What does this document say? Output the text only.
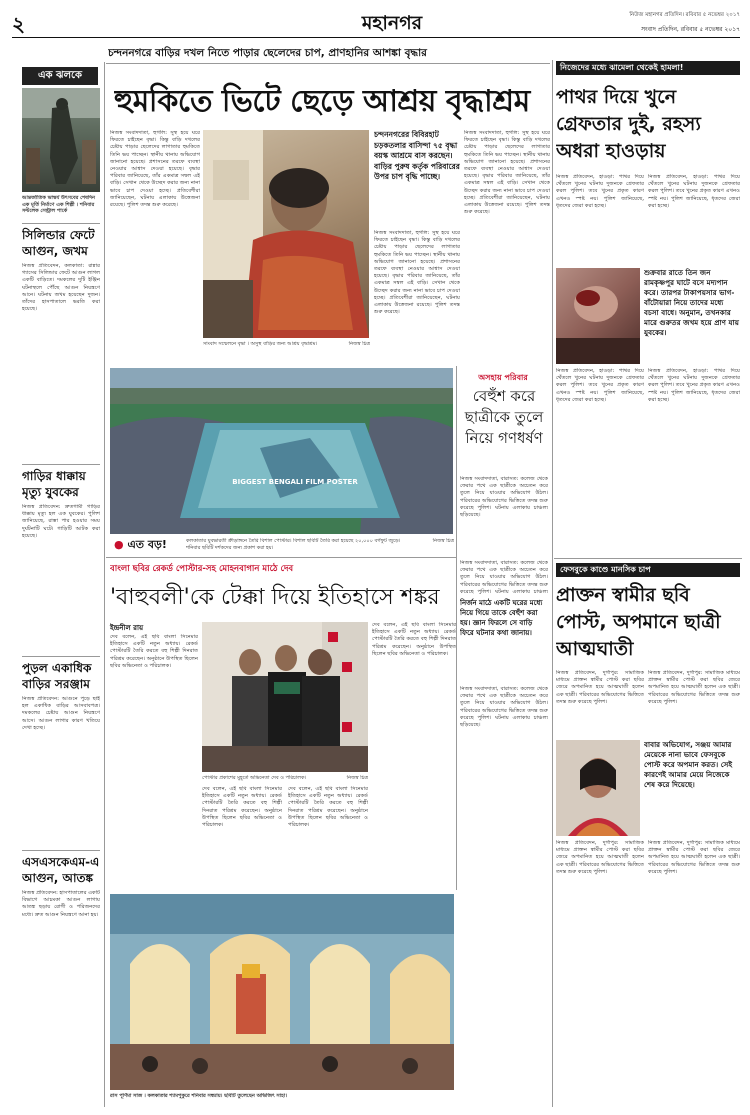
২	মহানগর	নিউজ মহানগর প্রতিদিন। রবিবার ৫ নভেম্বর ২০১৭
সংবাদ প্রতিদিন, রবিবার ৫ নভেম্বর ২০১৭
এক ঝলকে
আন্তর্জাতিক ভাস্কর্য উৎসবের শেষদিন এক মূর্তি নির্মাণে এক শিল্পী । শনিবার সল্টলেক সেন্ট্রাল পার্কে
সিলিন্ডার ফেটে আগুন, জখম
নিজস্ব প্রতিবেদন, কলকাতা: রান্নার গ্যাসের সিলিন্ডার ফেটে আগুন লাগল একটি বাড়িতে। দমকলের দুটি ইঞ্জিন ঘটনাস্থলে পৌঁছে আগুন নিয়ন্ত্রণে আনে। ঘটনায় জখম হয়েছেন দুজন। তাঁদের হাসপাতালে ভরতি করা হয়েছে।
গাড়ির ধাক্কায় মৃত্যু যুবকের
নিজস্ব প্রতিবেদন: দ্রুতগামী গাড়ির ধাক্কায় মৃত্যু হল এক যুবকের। পুলিশ জানিয়েছে, রাস্তা পার হওয়ার সময় দুর্ঘটনাটি ঘটে। গাড়িটি আটক করা হয়েছে।
পুড়ল একাধিক বাড়ির সরঞ্জাম
নিজস্ব প্রতিবেদন: আগুনে পুড়ে ছাই হল একাধিক বাড়ির আসবাবপত্র। দমকলের চেষ্টায় আগুন নিয়ন্ত্রণে আসে। আগুন লাগার কারণ খতিয়ে দেখা হচ্ছে।
এসএসকেএম-এ আগুন, আতঙ্ক
নিজস্ব প্রতিবেদন: হাসপাতালের একটি বিভাগে আচমকা আগুন লাগায় আতঙ্ক ছড়ায় রোগী ও পরিজনদের মধ্যে। দ্রুত আগুন নিয়ন্ত্রণে আনা হয়।
চন্দননগরে বাড়ির দখল নিতে পাড়ার ছেলেদের চাপ, প্রাণহানির আশঙ্কা বৃদ্ধার
হুমকিতে ভিটে ছেড়ে আশ্রয় বৃদ্ধাশ্রম
নিজস্ব সংবাদদাতা, হুগলি: সুস্থ হয়ে ঘরে ফিরতে চাইছেন বৃদ্ধা। কিন্তু বাড়ি দখলের চেষ্টায় পাড়ার ছেলেদের লাগাতার হুমকিতে তিনি ভয় পাচ্ছেন। স্থানীয় থানায় অভিযোগ জানানো হয়েছে। প্রশাসনের তরফে ব্যবস্থা নেওয়ার আশ্বাস দেওয়া হয়েছে। বৃদ্ধার পরিবার জানিয়েছে, তাঁর একমাত্র সম্বল এই বাড়ি। সেখান থেকে উচ্ছেদ করার জন্য নানা ভাবে চাপ দেওয়া হচ্ছে। প্রতিবেশীরা জানিয়েছেন, ঘটনায় এলাকায় উত্তেজনা রয়েছে। পুলিশ তদন্ত শুরু করেছে।
সাংবাদ সম্মেলনে বৃদ্ধা । অসুস্থ বাড়ির জন্য আশ্রয় বৃদ্ধাশ্রম।	নিজস্ব চিত্র
চন্দননগরের বিবিরহাট চড়কতলার বাসিন্দা ৭৫ বৃদ্ধা বয়স্ক আশ্রমে বাস করছেন। বাড়ির পুরুষ কর্তৃক পরিবারের উপর চাপ বৃদ্ধি পাচ্ছে।
নিজস্ব সংবাদদাতা, হুগলি: সুস্থ হয়ে ঘরে ফিরতে চাইছেন বৃদ্ধা। কিন্তু বাড়ি দখলের চেষ্টায় পাড়ার ছেলেদের লাগাতার হুমকিতে তিনি ভয় পাচ্ছেন। স্থানীয় থানায় অভিযোগ জানানো হয়েছে। প্রশাসনের তরফে ব্যবস্থা নেওয়ার আশ্বাস দেওয়া হয়েছে। বৃদ্ধার পরিবার জানিয়েছে, তাঁর একমাত্র সম্বল এই বাড়ি। সেখান থেকে উচ্ছেদ করার জন্য নানা ভাবে চাপ দেওয়া হচ্ছে। প্রতিবেশীরা জানিয়েছেন, ঘটনায় এলাকায় উত্তেজনা রয়েছে। পুলিশ তদন্ত শুরু করেছে।
নিজস্ব সংবাদদাতা, হুগলি: সুস্থ হয়ে ঘরে ফিরতে চাইছেন বৃদ্ধা। কিন্তু বাড়ি দখলের চেষ্টায় পাড়ার ছেলেদের লাগাতার হুমকিতে তিনি ভয় পাচ্ছেন। স্থানীয় থানায় অভিযোগ জানানো হয়েছে। প্রশাসনের তরফে ব্যবস্থা নেওয়ার আশ্বাস দেওয়া হয়েছে। বৃদ্ধার পরিবার জানিয়েছে, তাঁর একমাত্র সম্বল এই বাড়ি। সেখান থেকে উচ্ছেদ করার জন্য নানা ভাবে চাপ দেওয়া হচ্ছে। প্রতিবেশীরা জানিয়েছেন, ঘটনায় এলাকায় উত্তেজনা রয়েছে। পুলিশ তদন্ত শুরু করেছে।
নিজেদের মধ্যে ঝামেলা থেকেই হামলা!
পাথর দিয়ে খুনে গ্রেফতার দুই, রহস্য অধরা হাওড়ায়
নিজস্ব প্রতিবেদন, হাওড়া: পাথর দিয়ে থেঁতলে খুনের ঘটনায় দুজনকে গ্রেফতার করল পুলিশ। তবে খুনের প্রকৃত কারণ এখনও স্পষ্ট নয়। পুলিশ জানিয়েছে, ধৃতদের জেরা করা হচ্ছে।
নিজস্ব প্রতিবেদন, হাওড়া: পাথর দিয়ে থেঁতলে খুনের ঘটনায় দুজনকে গ্রেফতার করল পুলিশ। তবে খুনের প্রকৃত কারণ এখনও স্পষ্ট নয়। পুলিশ জানিয়েছে, ধৃতদের জেরা করা হচ্ছে।
শুক্রবার রাতে তিন জন রামকৃষ্ণপুর ঘাটে বসে মদ্যপান করে। তারপর টাকাপয়সার ভাগ-বাঁটোয়ারা নিয়ে তাদের মধ্যে বচসা বাধে। অনুমান, তখনকার মারে গুরুতর জখম হয়ে প্রাণ যায় যুবকের।
নিজস্ব প্রতিবেদন, হাওড়া: পাথর দিয়ে থেঁতলে খুনের ঘটনায় দুজনকে গ্রেফতার করল পুলিশ। তবে খুনের প্রকৃত কারণ এখনও স্পষ্ট নয়। পুলিশ জানিয়েছে, ধৃতদের জেরা করা হচ্ছে।
নিজস্ব প্রতিবেদন, হাওড়া: পাথর দিয়ে থেঁতলে খুনের ঘটনায় দুজনকে গ্রেফতার করল পুলিশ। তবে খুনের প্রকৃত কারণ এখনও স্পষ্ট নয়। পুলিশ জানিয়েছে, ধৃতদের জেরা করা হচ্ছে।
ফেসবুকে কাণ্ডে মানসিক চাপ
প্রাক্তন স্বামীর ছবি পোস্ট, অপমানে ছাত্রী আত্মঘাতী
নিজস্ব প্রতিবেদন, দুর্গাপুর: সামাজিক মাধ্যমে প্রাক্তন স্বামীর পোস্ট করা ছবির জেরে অপমানিত হয়ে আত্মঘাতী হলেন এক ছাত্রী। পরিবারের অভিযোগের ভিত্তিতে তদন্ত শুরু করেছে পুলিশ।
নিজস্ব প্রতিবেদন, দুর্গাপুর: সামাজিক মাধ্যমে প্রাক্তন স্বামীর পোস্ট করা ছবির জেরে অপমানিত হয়ে আত্মঘাতী হলেন এক ছাত্রী। পরিবারের অভিযোগের ভিত্তিতে তদন্ত শুরু করেছে পুলিশ।
বাবার অভিযোগ, সঞ্জয় আমার মেয়েকে নানা ভাবে ফেসবুকে পোস্ট করে অপমান করত। সেই কারণেই আমার মেয়ে নিজেকে শেষ করে দিয়েছে।
নিজস্ব প্রতিবেদন, দুর্গাপুর: সামাজিক মাধ্যমে প্রাক্তন স্বামীর পোস্ট করা ছবির জেরে অপমানিত হয়ে আত্মঘাতী হলেন এক ছাত্রী। পরিবারের অভিযোগের ভিত্তিতে তদন্ত শুরু করেছে পুলিশ।
নিজস্ব প্রতিবেদন, দুর্গাপুর: সামাজিক মাধ্যমে প্রাক্তন স্বামীর পোস্ট করা ছবির জেরে অপমানিত হয়ে আত্মঘাতী হলেন এক ছাত্রী। পরিবারের অভিযোগের ভিত্তিতে তদন্ত শুরু করেছে পুলিশ।
BIGGEST BENGALI FILM POSTER
● এত বড়!	কলকাতার যুবভারতী ক্রীড়াঙ্গনে তৈরি বিশাল পোস্টার। বিশাল ছবিটি তৈরি করা হয়েছে ২০,০০০ বর্গফুট জুড়ে। শনিবার ছবিটি দর্শকদের জন্য প্রকাশ করা হয়।
নিজস্ব চিত্র
অসহায় পরিবার
বেহুঁশ করে ছাত্রীকে তুলে নিয়ে গণধর্ষণ
নিজস্ব সংবাদদাতা, বারাসত: কলেজ থেকে ফেরার পথে এক ছাত্রীকে অচেতন করে তুলে নিয়ে যাওয়ার অভিযোগ উঠল। পরিবারের অভিযোগের ভিত্তিতে তদন্ত শুরু করেছে পুলিশ। ঘটনায় এলাকায় চাঞ্চল্য ছড়িয়েছে।
নির্জন মাঠে একটি ঘরের মধ্যে নিয়ে গিয়ে তাকে বেহুঁশ করা হয়। জ্ঞান ফিরলে সে বাড়ি ফিরে ঘটনার কথা জানায়।
নিজস্ব সংবাদদাতা, বারাসত: কলেজ থেকে ফেরার পথে এক ছাত্রীকে অচেতন করে তুলে নিয়ে যাওয়ার অভিযোগ উঠল। পরিবারের অভিযোগের ভিত্তিতে তদন্ত শুরু করেছে পুলিশ। ঘটনায় এলাকায় চাঞ্চল্য ছড়িয়েছে।
নিজস্ব সংবাদদাতা, বারাসত: কলেজ থেকে ফেরার পথে এক ছাত্রীকে অচেতন করে তুলে নিয়ে যাওয়ার অভিযোগ উঠল। পরিবারের অভিযোগের ভিত্তিতে তদন্ত শুরু করেছে পুলিশ। ঘটনায় এলাকায় চাঞ্চল্য
বাংলা ছবির রেকর্ড পোস্টার-সহ মোহনবাগান মাঠে দেব
'বাহুবলী'কে টেক্কা দিয়ে ইতিহাসে শঙ্কর
ইন্দ্রনীল রায়
দেব বলেন, এই ছবি বাংলা সিনেমার ইতিহাসে একটি নতুন অধ্যায়। রেকর্ড পোস্টারটি তৈরি করতে বহু শিল্পী দিনরাত পরিশ্রম করেছেন। অনুষ্ঠানে উপস্থিত ছিলেন ছবির অভিনেতা ও পরিচালক।
পোস্টার প্রকাশের মুহূর্তে অভিনেতা দেব ও পরিচালক।	নিজস্ব চিত্র
দেব বলেন, এই ছবি বাংলা সিনেমার ইতিহাসে একটি নতুন অধ্যায়। রেকর্ড পোস্টারটি তৈরি করতে বহু শিল্পী দিনরাত পরিশ্রম করেছেন। অনুষ্ঠানে উপস্থিত ছিলেন ছবির অভিনেতা ও পরিচালক।
দেব বলেন, এই ছবি বাংলা সিনেমার ইতিহাসে একটি নতুন অধ্যায়। রেকর্ড পোস্টারটি তৈরি করতে বহু শিল্পী দিনরাত পরিশ্রম করেছেন। অনুষ্ঠানে উপস্থিত ছিলেন ছবির অভিনেতা ও পরিচালক।
দেব বলেন, এই ছবি বাংলা সিনেমার ইতিহাসে একটি নতুন অধ্যায়। রেকর্ড পোস্টারটি তৈরি করতে বহু শিল্পী দিনরাত পরিশ্রম করেছেন। অনুষ্ঠানে উপস্থিত ছিলেন ছবির অভিনেতা ও পরিচালক।
রাস পূর্ণিমা সাজ । কলকাতার শ্যামপুকুরে শনিবার সন্ধ্যায়। ছবিটি তুলেছেন অভিজিৎ সাহা।
